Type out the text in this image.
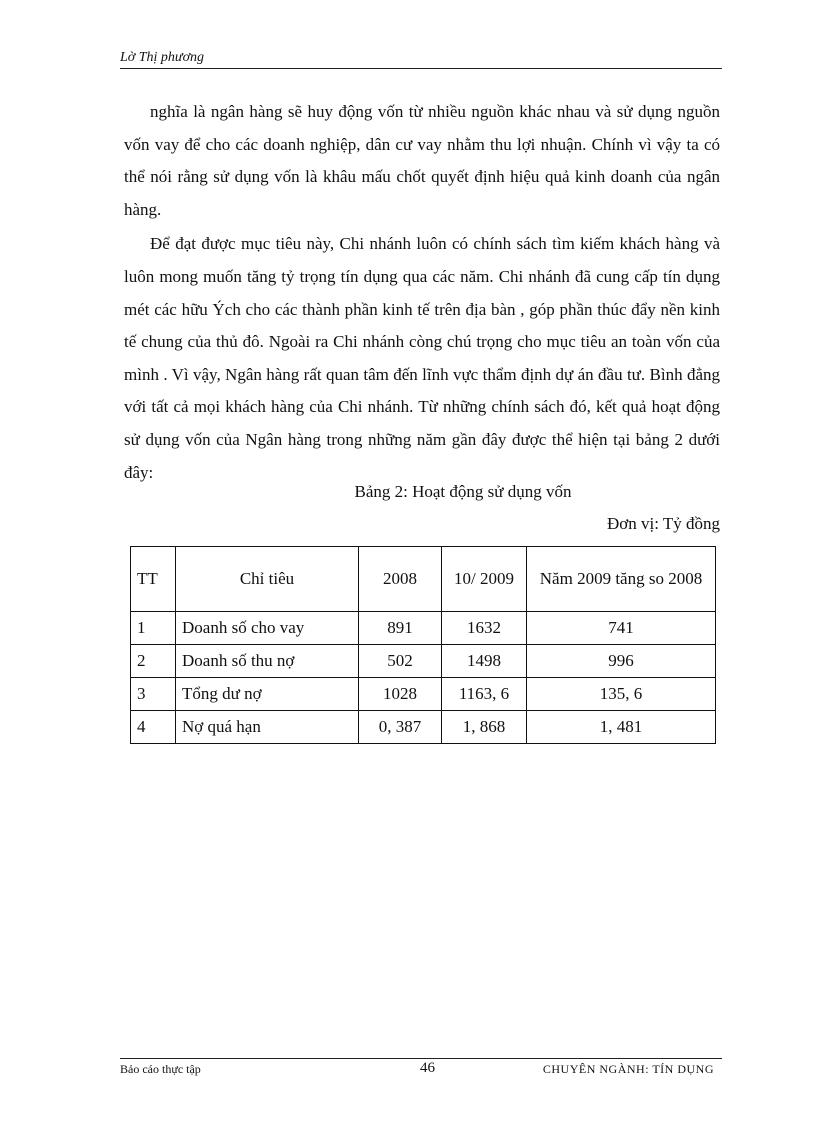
Lờ Thị phương

nghĩa là ngân hàng sẽ huy động vốn từ nhiều nguồn khác nhau và sử dụng nguồn vốn vay để cho các doanh nghiệp, dân cư vay nhằm thu lợi nhuận. Chính vì vậy ta có thể nói rằng sử dụng vốn là khâu mấu chốt quyết định hiệu quả kinh doanh của ngân hàng.

Để đạt được mục tiêu này, Chi nhánh luôn có chính sách tìm kiếm khách hàng và luôn mong muốn tăng tỷ trọng tín dụng qua các năm. Chi nhánh đã cung cấp tín dụng mét các hữu Ých cho các thành phần kinh tế trên địa bàn , góp phần thúc đẩy nền kinh tế chung của thủ đô. Ngoài ra Chi nhánh còng chú trọng cho mục tiêu an toàn vốn của mình . Vì vậy, Ngân hàng rất quan tâm đến lĩnh vực thẩm định dự án đầu tư. Bình đẳng với tất cả mọi khách hàng của Chi nhánh. Từ những chính sách đó, kết quả hoạt động sử dụng vốn của Ngân hàng trong những năm gần đây được thể hiện tại bảng 2 dưới đây:

Bảng 2: Hoạt động sử dụng vốn
Đơn vị: Tỷ đồng
TT	Chỉ tiêu	2008	10/ 2009	Năm 2009 tăng so 2008
1	Doanh số cho vay	891	1632	741
2	Doanh số thu nợ	502	1498	996
3	Tổng dư nợ	1028	1163, 6	135, 6
4	Nợ quá hạn	0, 387	1, 868	1, 481
Bảo cáo thực tập	46	CHUYÊN NGÀNH: TÍN DỤNG
